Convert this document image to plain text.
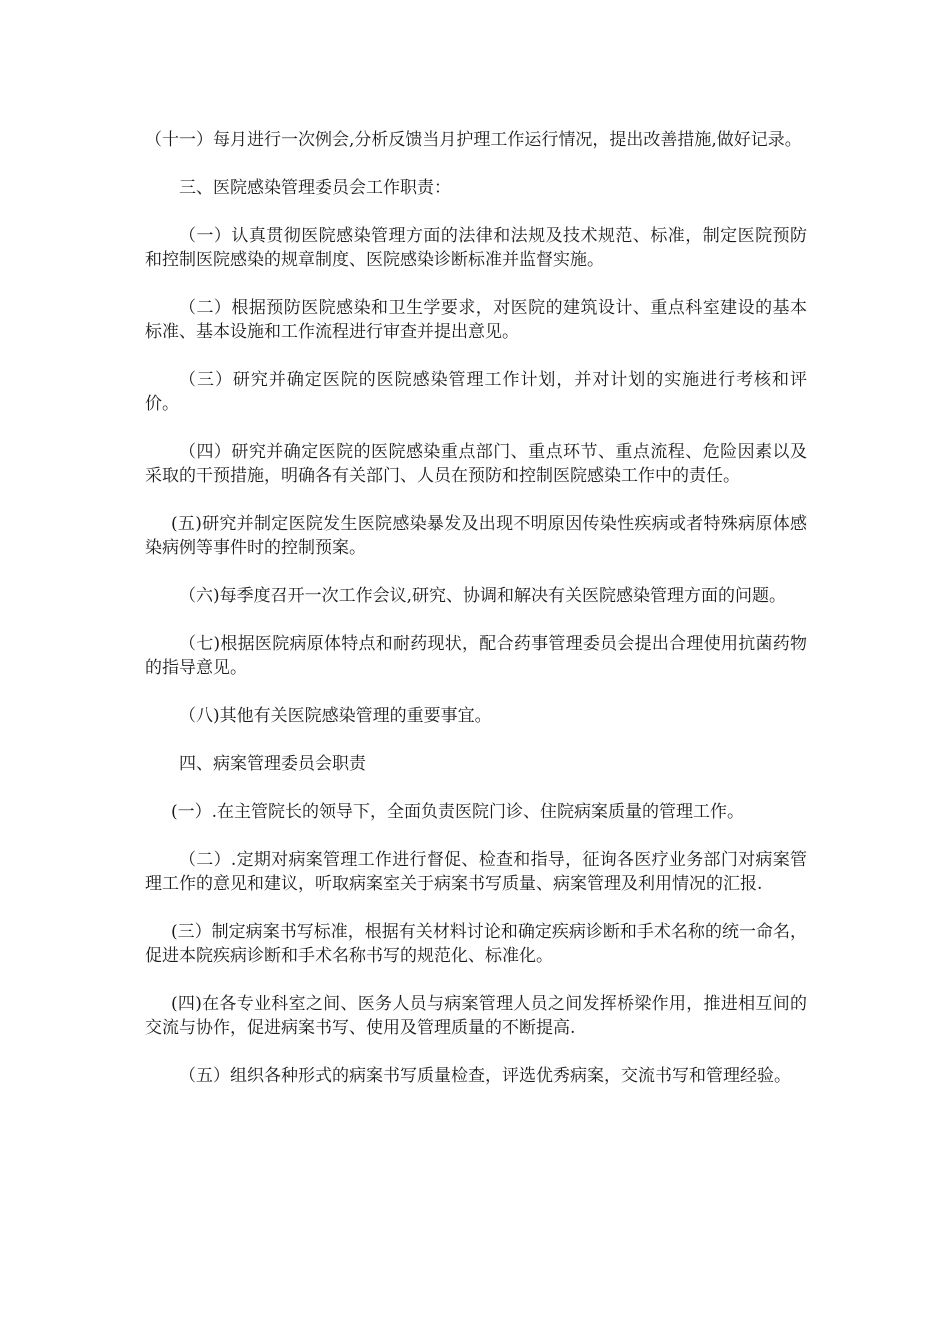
（十一）每月进行一次例会,分析反馈当月护理工作运行情况，提出改善措施,做好记录。

三、医院感染管理委员会工作职责：

（一）认真贯彻医院感染管理方面的法律和法规及技术规范、标准，制定医院预防和控制医院感染的规章制度、医院感染诊断标准并监督实施。

（二）根据预防医院感染和卫生学要求，对医院的建筑设计、重点科室建设的基本标准、基本设施和工作流程进行审查并提出意见。

（三）研究并确定医院的医院感染管理工作计划，并对计划的实施进行考核和评价。

（四）研究并确定医院的医院感染重点部门、重点环节、重点流程、危险因素以及采取的干预措施，明确各有关部门、人员在预防和控制医院感染工作中的责任。

(五)研究并制定医院发生医院感染暴发及出现不明原因传染性疾病或者特殊病原体感染病例等事件时的控制预案。

（六)每季度召开一次工作会议,研究、协调和解决有关医院感染管理方面的问题。

（七)根据医院病原体特点和耐药现状，配合药事管理委员会提出合理使用抗菌药物的指导意见。

（八)其他有关医院感染管理的重要事宜。

四、病案管理委员会职责

(一）.在主管院长的领导下，全面负责医院门诊、住院病案质量的管理工作。

（二）.定期对病案管理工作进行督促、检查和指导，征询各医疗业务部门对病案管理工作的意见和建议，听取病案室关于病案书写质量、病案管理及利用情况的汇报.

(三）制定病案书写标准，根据有关材料讨论和确定疾病诊断和手术名称的统一命名，促进本院疾病诊断和手术名称书写的规范化、标准化。

(四)在各专业科室之间、医务人员与病案管理人员之间发挥桥梁作用，推进相互间的交流与协作，促进病案书写、使用及管理质量的不断提高.

（五）组织各种形式的病案书写质量检查，评选优秀病案，交流书写和管理经验。
